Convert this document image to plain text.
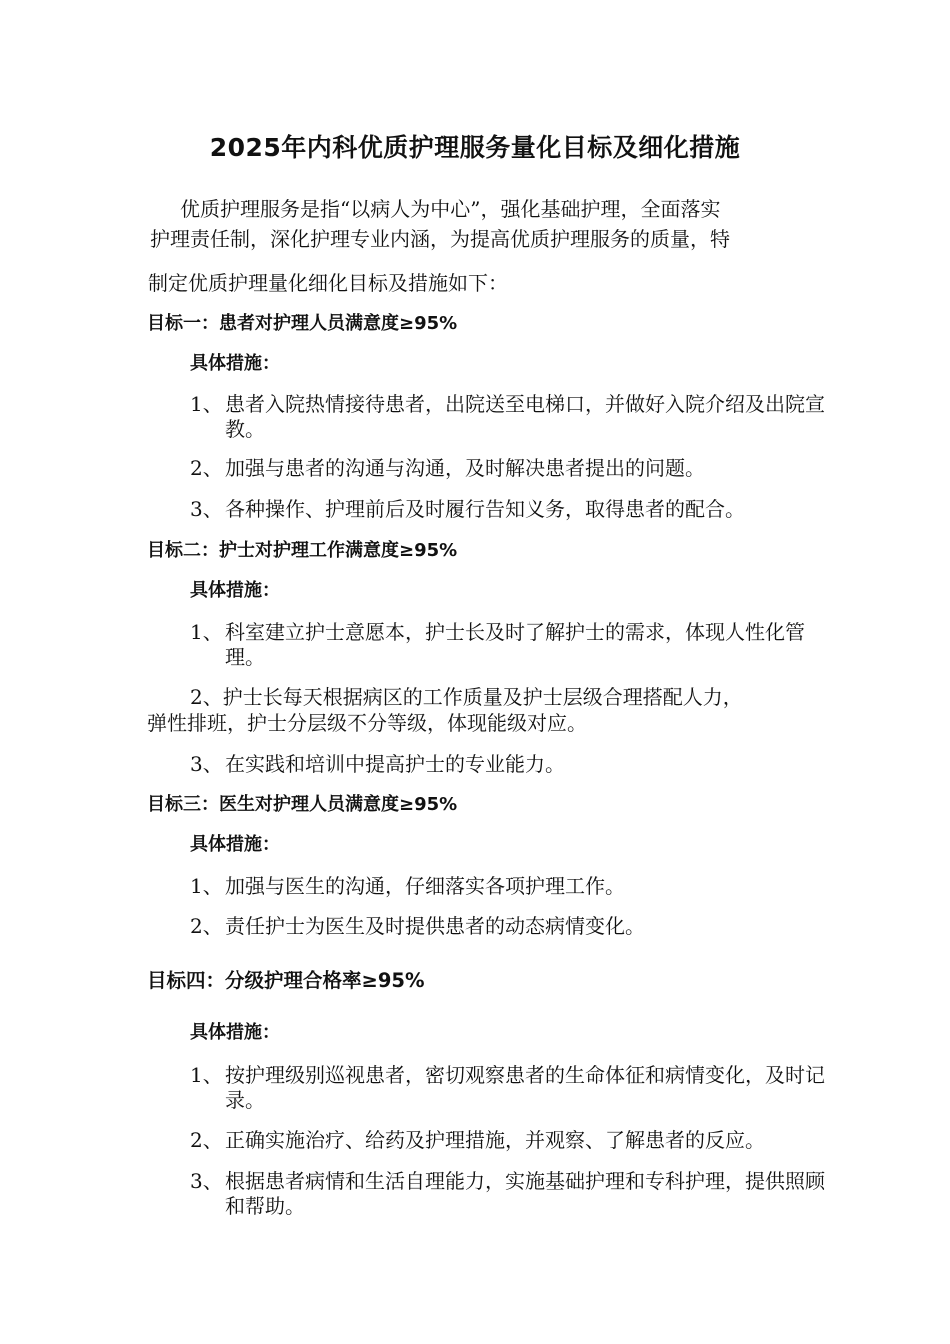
2025年内科优质护理服务量化目标及细化措施
优质护理服务是指“以病人为中心”，强化基础护理，全面落实
护理责任制，深化护理专业内涵，为提高优质护理服务的质量，特
制定优质护理量化细化目标及措施如下：
目标一：患者对护理人员满意度≥95%
具体措施：
1、 患者入院热情接待患者，出院送至电梯口，并做好入院介绍及出院宣教。
2、 加强与患者的沟通与沟通，及时解决患者提出的问题。
3、 各种操作、护理前后及时履行告知义务，取得患者的配合。
目标二：护士对护理工作满意度≥95%
具体措施：
1、 科室建立护士意愿本，护士长及时了解护士的需求，体现人性化管理。
2、护士长每天根据病区的工作质量及护士层级合理搭配人力，
弹性排班，护士分层级不分等级，体现能级对应。
3、 在实践和培训中提高护士的专业能力。
目标三：医生对护理人员满意度≥95%
具体措施：
1、 加强与医生的沟通，仔细落实各项护理工作。
2、 责任护士为医生及时提供患者的动态病情变化。
目标四：分级护理合格率≥95%
具体措施：
1、 按护理级别巡视患者，密切观察患者的生命体征和病情变化，及时记录。
2、 正确实施治疗、给药及护理措施，并观察、了解患者的反应。
3、 根据患者病情和生活自理能力，实施基础护理和专科护理，提供照顾和帮助。
